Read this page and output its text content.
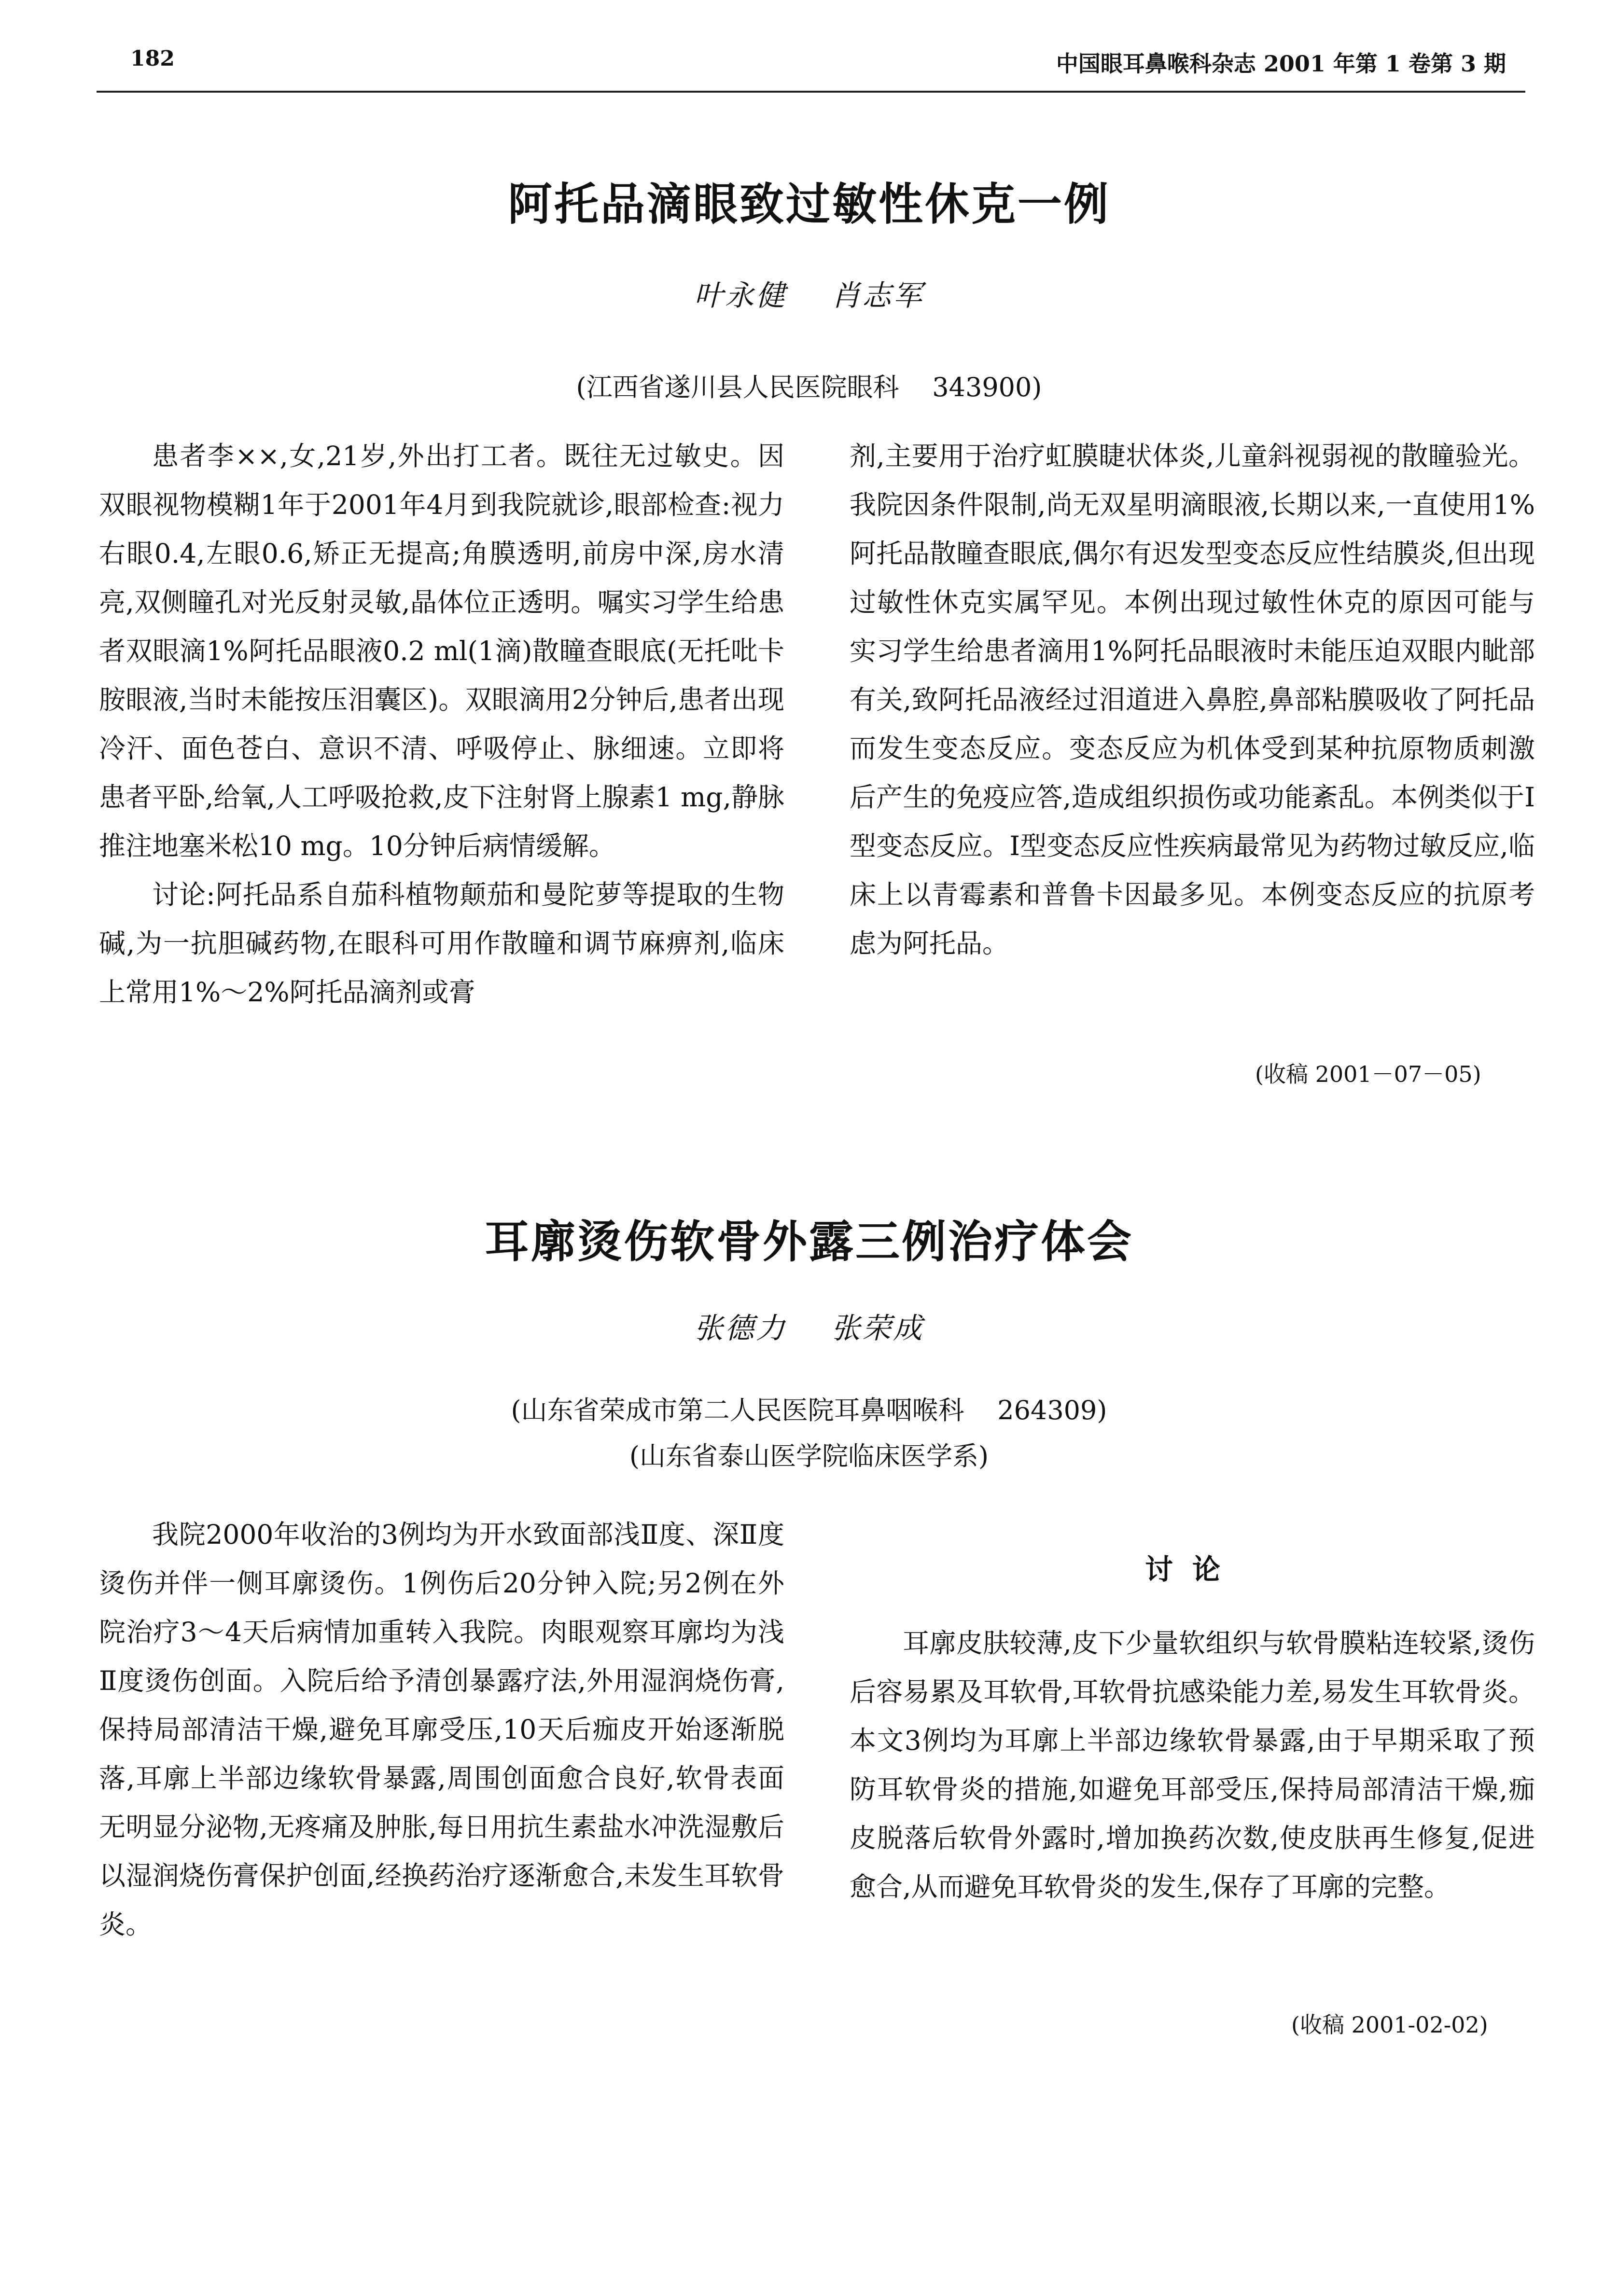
182	中国眼耳鼻喉科杂志 2001 年第 1 卷第 3 期
阿托品滴眼致过敏性休克一例
叶永健    肖志军
(江西省遂川县人民医院眼科    343900)

患者李××,女,21岁,外出打工者。既往无过敏史。因双眼视物模糊1年于2001年4月到我院就诊,眼部检查:视力右眼0.4,左眼0.6,矫正无提高;角膜透明,前房中深,房水清亮,双侧瞳孔对光反射灵敏,晶体位正透明。嘱实习学生给患者双眼滴1%阿托品眼液0.2 ml(1滴)散瞳查眼底(无托吡卡胺眼液,当时未能按压泪囊区)。双眼滴用2分钟后,患者出现冷汗、面色苍白、意识不清、呼吸停止、脉细速。立即将患者平卧,给氧,人工呼吸抢救,皮下注射肾上腺素1 mg,静脉推注地塞米松10 mg。10分钟后病情缓解。

讨论:阿托品系自茄科植物颠茄和曼陀萝等提取的生物碱,为一抗胆碱药物,在眼科可用作散瞳和调节麻痹剂,临床上常用1%～2%阿托品滴剂或膏

剂,主要用于治疗虹膜睫状体炎,儿童斜视弱视的散瞳验光。我院因条件限制,尚无双星明滴眼液,长期以来,一直使用1%阿托品散瞳查眼底,偶尔有迟发型变态反应性结膜炎,但出现过敏性休克实属罕见。本例出现过敏性休克的原因可能与实习学生给患者滴用1%阿托品眼液时未能压迫双眼内眦部有关,致阿托品液经过泪道进入鼻腔,鼻部粘膜吸收了阿托品而发生变态反应。变态反应为机体受到某种抗原物质刺激后产生的免疫应答,造成组织损伤或功能紊乱。本例类似于Ⅰ型变态反应。Ⅰ型变态反应性疾病最常见为药物过敏反应,临床上以青霉素和普鲁卡因最多见。本例变态反应的抗原考虑为阿托品。

(收稿 2001－07－05)
耳廓烫伤软骨外露三例治疗体会
张德力    张荣成
(山东省荣成市第二人民医院耳鼻咽喉科    264309)
(山东省泰山医学院临床医学系)

我院2000年收治的3例均为开水致面部浅Ⅱ度、深Ⅱ度烫伤并伴一侧耳廓烫伤。1例伤后20分钟入院;另2例在外院治疗3～4天后病情加重转入我院。肉眼观察耳廓均为浅Ⅱ度烫伤创面。入院后给予清创暴露疗法,外用湿润烧伤膏,保持局部清洁干燥,避免耳廓受压,10天后痂皮开始逐渐脱落,耳廓上半部边缘软骨暴露,周围创面愈合良好,软骨表面无明显分泌物,无疼痛及肿胀,每日用抗生素盐水冲洗湿敷后以湿润烧伤膏保护创面,经换药治疗逐渐愈合,未发生耳软骨炎。

讨论

耳廓皮肤较薄,皮下少量软组织与软骨膜粘连较紧,烫伤后容易累及耳软骨,耳软骨抗感染能力差,易发生耳软骨炎。本文3例均为耳廓上半部边缘软骨暴露,由于早期采取了预防耳软骨炎的措施,如避免耳部受压,保持局部清洁干燥,痂皮脱落后软骨外露时,增加换药次数,使皮肤再生修复,促进愈合,从而避免耳软骨炎的发生,保存了耳廓的完整。

(收稿 2001-02-02)
